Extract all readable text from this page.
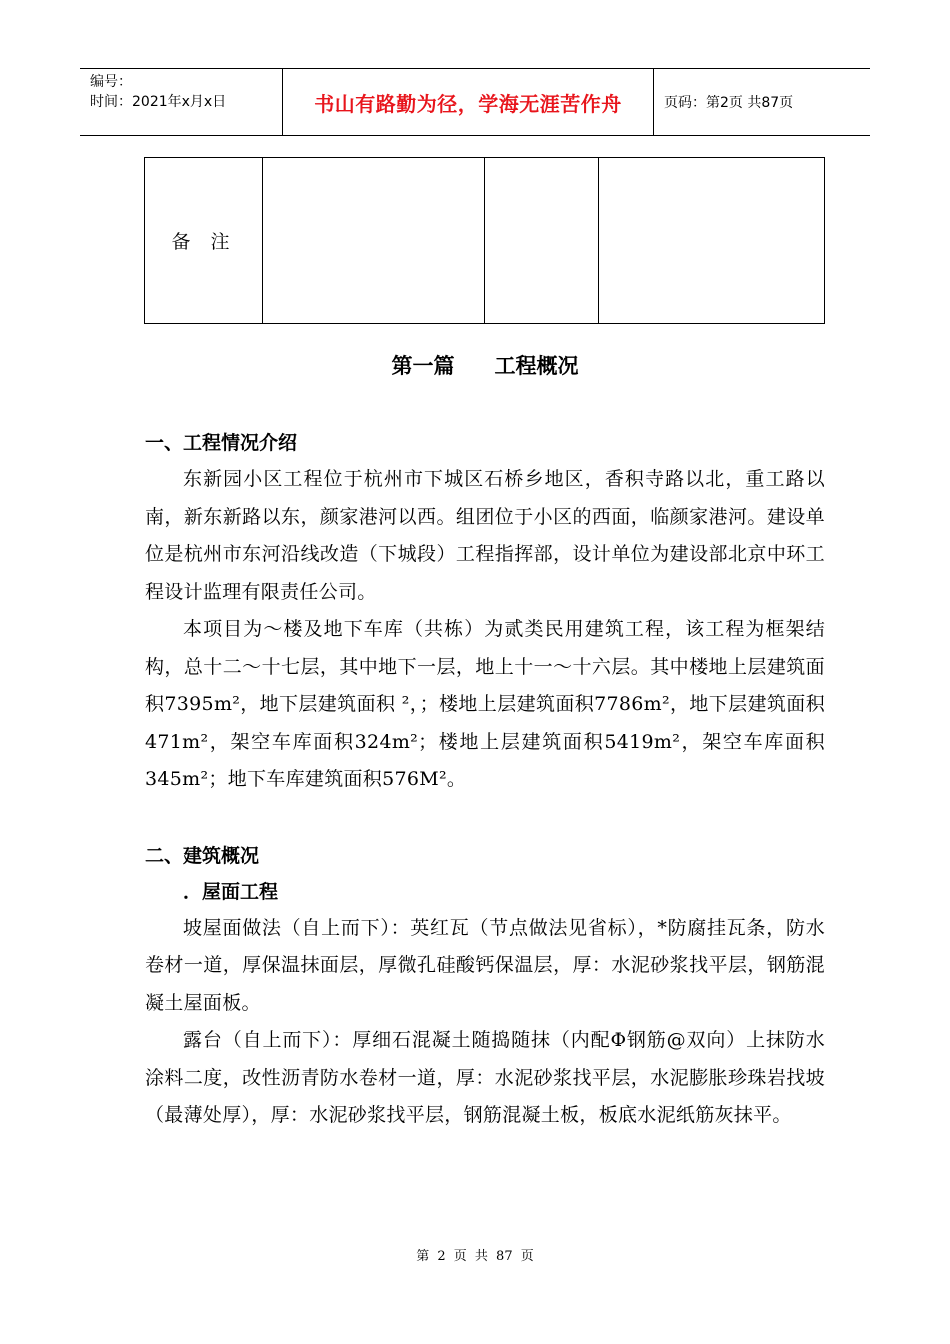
编号：
时间：2021年x月x日	书山有路勤为径，学海无涯苦作舟	页码：第2页 共87页
备注			
第一篇 工程概况
一、工程情况介绍

东新园小区工程位于杭州市下城区石桥乡地区，香积寺路以北，重工路以南，新东新路以东，颜家港河以西。组团位于小区的西面，临颜家港河。建设单位是杭州市东河沿线改造（下城段）工程指挥部，设计单位为建设部北京中环工程设计监理有限责任公司。

本项目为～楼及地下车库（共栋）为贰类民用建筑工程，该工程为框架结构，总十二～十七层，其中地下一层，地上十一～十六层。其中楼地上层建筑面积7395m²，地下层建筑面积 ²，；楼地上层建筑面积7786m²，地下层建筑面积471m²，架空车库面积324m²；楼地上层建筑面积5419m²，架空车库面积345m²；地下车库建筑面积576M²。

二、建筑概况
．屋面工程

坡屋面做法（自上而下）：英红瓦（节点做法见省标），*防腐挂瓦条，防水卷材一道，厚保温抹面层，厚微孔硅酸钙保温层，厚：水泥砂浆找平层，钢筋混凝土屋面板。

露台（自上而下）：厚细石混凝土随捣随抹（内配Φ钢筋@双向）上抹防水涂料二度，改性沥青防水卷材一道，厚：水泥砂浆找平层，水泥膨胀珍珠岩找坡（最薄处厚），厚：水泥砂浆找平层，钢筋混凝土板，板底水泥纸筋灰抹平。

第 2 页 共 87 页
